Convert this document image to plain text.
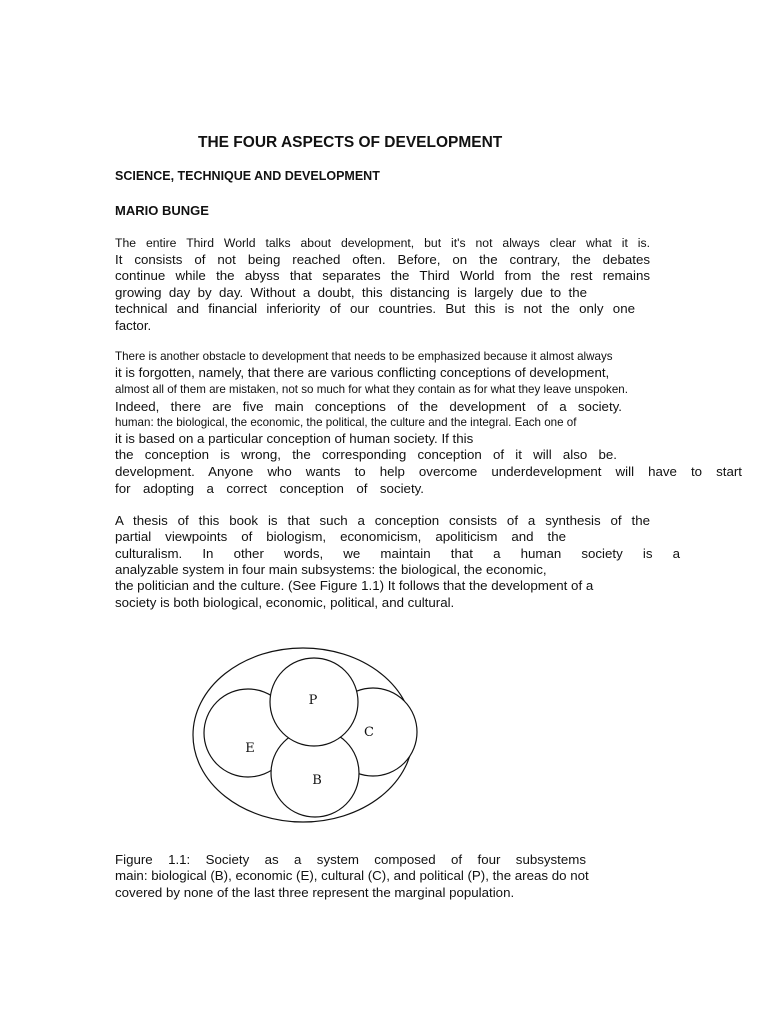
THE FOUR ASPECTS OF DEVELOPMENT
SCIENCE, TECHNIQUE AND DEVELOPMENT
MARIO BUNGE
The entire Third World talks about development, but it's not always clear what it is.
It consists of not being reached often. Before, on the contrary, the debates
continue while the abyss that separates the Third World from the rest remains
growing day by day. Without a doubt, this distancing is largely due to the
technical and financial inferiority of our countries. But this is not the only one
factor.
There is another obstacle to development that needs to be emphasized because it almost always
it is forgotten, namely, that there are various conflicting conceptions of development,
almost all of them are mistaken, not so much for what they contain as for what they leave unspoken.
Indeed, there are five main conceptions of the development of a society.
human: the biological, the economic, the political, the culture and the integral. Each one of
it is based on a particular conception of human society. If this
the conception is wrong, the corresponding conception of it will also be.
development. Anyone who wants to help overcome underdevelopment will have to start
for adopting a correct conception of society.
A thesis of this book is that such a conception consists of a synthesis of the
partial viewpoints of biologism, economicism, apoliticism and the
culturalism. In other words, we maintain that a human society is a
analyzable system in four main subsystems: the biological, the economic,
the politician and the culture. (See Figure 1.1) It follows that the development of a
society is both biological, economic, political, and cultural.
P
C
E
B
Figure 1.1: Society as a system composed of four subsystems
main: biological (B), economic (E), cultural (C), and political (P), the areas do not
covered by none of the last three represent the marginal population.
